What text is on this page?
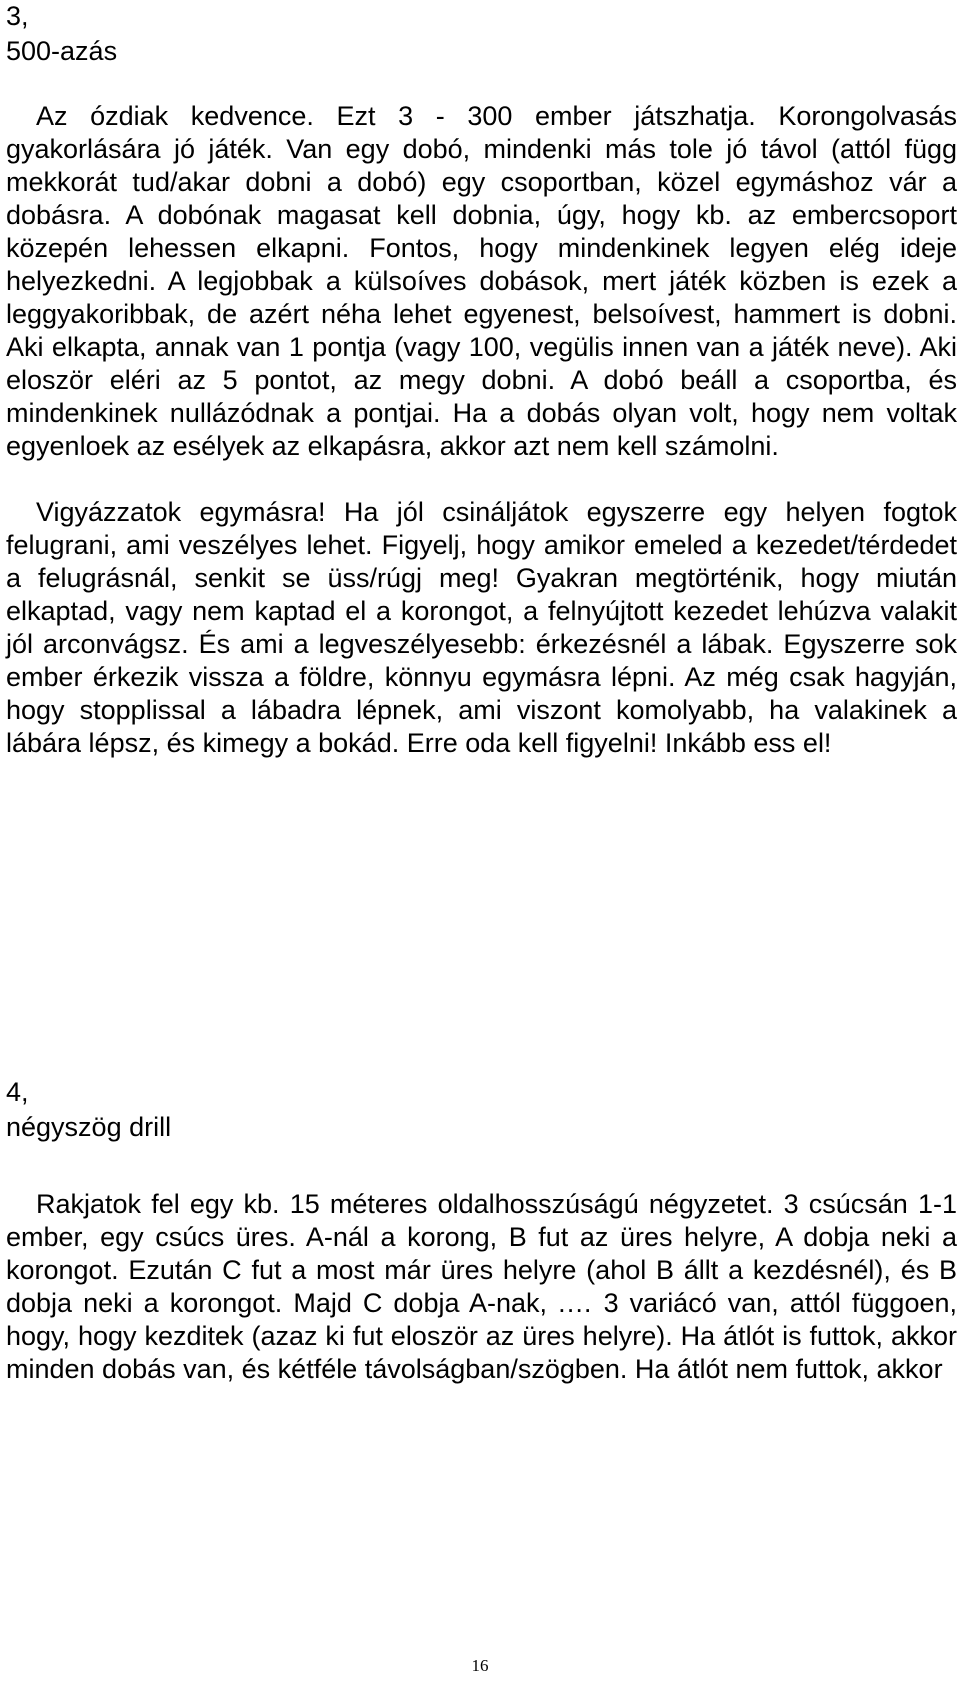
3,

500-azás

Az ózdiak kedvence. Ezt 3 - 300 ember játszhatja. Korongolvasás gyakorlására jó játék. Van egy dobó, mindenki más tole jó távol (attól függ mekkorát tud/akar dobni a dobó) egy csoportban, közel egymáshoz vár a dobásra. A dobónak magasat kell dobnia, úgy, hogy kb. az embercsoport közepén lehessen elkapni. Fontos, hogy mindenkinek legyen elég ideje helyezkedni. A legjobbak a külsoíves dobások, mert játék közben is ezek a leggyakoribbak, de azért néha lehet egyenest, belsoívest, hammert is dobni. Aki elkapta, annak van 1 pontja (vagy 100, vegülis innen van a játék neve). Aki eloször eléri az 5 pontot, az megy dobni. A dobó beáll a csoportba, és mindenkinek nullázódnak a pontjai. Ha a dobás olyan volt, hogy nem voltak egyenloek az esélyek az elkapásra, akkor azt nem kell számolni.

Vigyázzatok egymásra! Ha jól csináljátok egyszerre egy helyen fogtok felugrani, ami veszélyes lehet. Figyelj, hogy amikor emeled a kezedet/térdedet a felugrásnál, senkit se üss/rúgj meg! Gyakran megtörténik, hogy miután elkaptad, vagy nem kaptad el a korongot, a felnyújtott kezedet lehúzva valakit jól arconvágsz. És ami a legveszélyesebb: érkezésnél a lábak. Egyszerre sok ember érkezik vissza a földre, könnyu egymásra lépni. Az még csak hagyján, hogy stopplissal a lábadra lépnek, ami viszont komolyabb, ha valakinek a lábára lépsz, és kimegy a bokád. Erre oda kell figyelni! Inkább ess el!

4,

négyszög drill

Rakjatok fel egy kb. 15 méteres oldalhosszúságú négyzetet. 3 csúcsán 1-1 ember, egy csúcs üres. A-nál a korong, B fut az üres helyre, A dobja neki a korongot. Ezután C fut a most már üres helyre (ahol B állt a kezdésnél), és B dobja neki a korongot. Majd C dobja A-nak, .… 3 variácó van, attól függoen, hogy, hogy kezditek (azaz ki fut eloször az üres helyre). Ha átlót is futtok, akkor minden dobás van, és kétféle távolságban/szögben. Ha átlót nem futtok, akkor

16
